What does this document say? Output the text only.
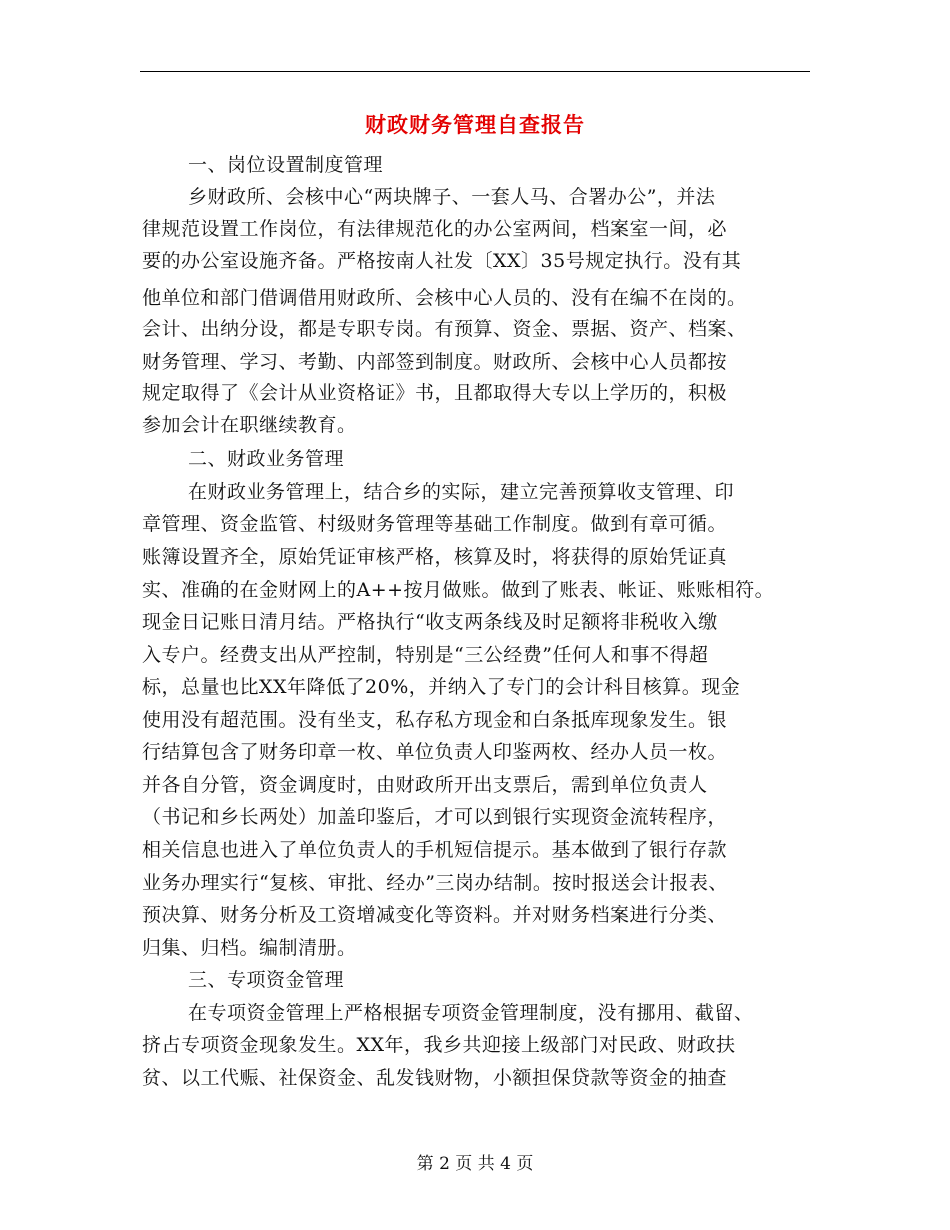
财政财务管理自查报告
一、岗位设置制度管理
乡财政所、会核中心“两块牌子、一套人马、合署办公”，并法
律规范设置工作岗位，有法律规范化的办公室两间，档案室一间，必
要的办公室设施齐备。严格按南人社发〔XX〕35号规定执行。没有其
他单位和部门借调借用财政所、会核中心人员的、没有在编不在岗的。
会计、出纳分设，都是专职专岗。有预算、资金、票据、资产、档案、
财务管理、学习、考勤、内部签到制度。财政所、会核中心人员都按
规定取得了《会计从业资格证》书，且都取得大专以上学历的，积极
参加会计在职继续教育。
二、财政业务管理
在财政业务管理上，结合乡的实际，建立完善预算收支管理、印
章管理、资金监管、村级财务管理等基础工作制度。做到有章可循。
账簿设置齐全，原始凭证审核严格，核算及时，将获得的原始凭证真
实、准确的在金财网上的A++按月做账。做到了账表、帐证、账账相符。
现金日记账日清月结。严格执行“收支两条线及时足额将非税收入缴
入专户。经费支出从严控制，特别是“三公经费”任何人和事不得超
标，总量也比XX年降低了20%，并纳入了专门的会计科目核算。现金
使用没有超范围。没有坐支，私存私方现金和白条抵库现象发生。银
行结算包含了财务印章一枚、单位负责人印鉴两枚、经办人员一枚。
并各自分管，资金调度时，由财政所开出支票后，需到单位负责人
（书记和乡长两处）加盖印鉴后，才可以到银行实现资金流转程序，
相关信息也进入了单位负责人的手机短信提示。基本做到了银行存款
业务办理实行“复核、审批、经办”三岗办结制。按时报送会计报表、
预决算、财务分析及工资增减变化等资料。并对财务档案进行分类、
归集、归档。编制清册。
三、专项资金管理
在专项资金管理上严格根据专项资金管理制度，没有挪用、截留、
挤占专项资金现象发生。XX年，我乡共迎接上级部门对民政、财政扶
贫、以工代赈、社保资金、乱发钱财物，小额担保贷款等资金的抽查
第 2 页 共 4 页
